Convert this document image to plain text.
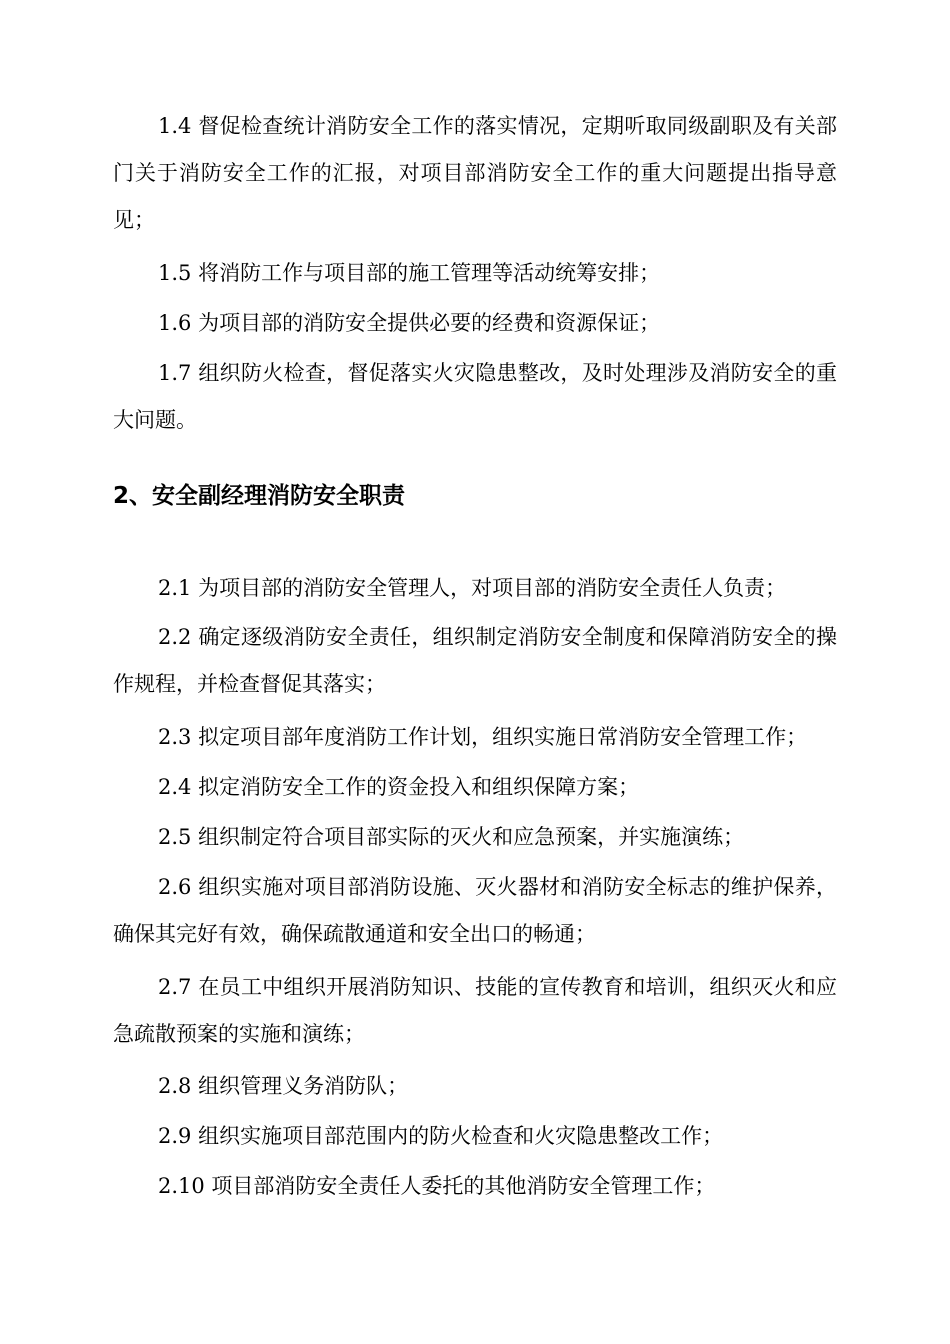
1.4 督促检查统计消防安全工作的落实情况，定期听取同级副职及有关部门关于消防安全工作的汇报，对项目部消防安全工作的重大问题提出指导意见；

1.5 将消防工作与项目部的施工管理等活动统筹安排；

1.6 为项目部的消防安全提供必要的经费和资源保证；

1.7 组织防火检查，督促落实火灾隐患整改，及时处理涉及消防安全的重大问题。

2、安全副经理消防安全职责

2.1 为项目部的消防安全管理人，对项目部的消防安全责任人负责；

2.2 确定逐级消防安全责任，组织制定消防安全制度和保障消防安全的操作规程，并检查督促其落实；

2.3 拟定项目部年度消防工作计划，组织实施日常消防安全管理工作；

2.4 拟定消防安全工作的资金投入和组织保障方案；

2.5 组织制定符合项目部实际的灭火和应急预案，并实施演练；

2.6 组织实施对项目部消防设施、灭火器材和消防安全标志的维护保养，确保其完好有效，确保疏散通道和安全出口的畅通；

2.7 在员工中组织开展消防知识、技能的宣传教育和培训，组织灭火和应急疏散预案的实施和演练；

2.8 组织管理义务消防队；

2.9 组织实施项目部范围内的防火检查和火灾隐患整改工作；

2.10 项目部消防安全责任人委托的其他消防安全管理工作；
